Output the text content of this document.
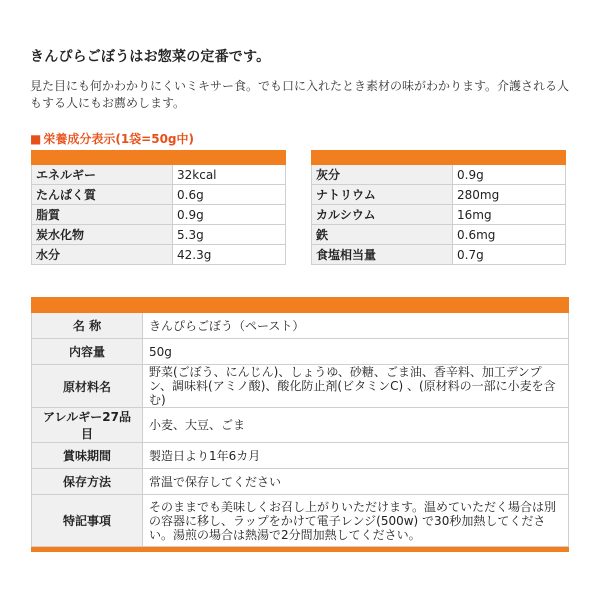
きんぴらごぼうはお惣菜の定番です。
見た目にも何かわかりにくいミキサー食。でも口に入れたとき素材の味がわかります。介護される人もする人にもお薦めします。
■ 栄養成分表示(1袋=50g中)

エネルギー	32kcal
たんぱく質	0.6g
脂質	0.9g
炭水化物	5.3g
水分	42.3g

灰分	0.9g
ナトリウム	280mg
カルシウム	16mg
鉄	0.6mg
食塩相当量	0.7g

名 称	きんぴらごぼう（ペースト）
内容量	50g
原材料名	野菜(ごぼう、にんじん)、しょうゆ、砂糖、ごま油、香辛料、加工デンプン、調味料(アミノ酸)、酸化防止剤(ビタミンC) 、(原材料の一部に小麦を含む)
アレルギー27品目	小麦、大豆、ごま
賞味期間	製造日より1年6カ月
保存方法	常温で保存してください
特記事項	そのままでも美味しくお召し上がりいただけます。温めていただく場合は別の容器に移し、ラップをかけて電子レンジ(500w) で30秒加熱してください。湯煎の場合は熱湯で2分間加熱してください。
